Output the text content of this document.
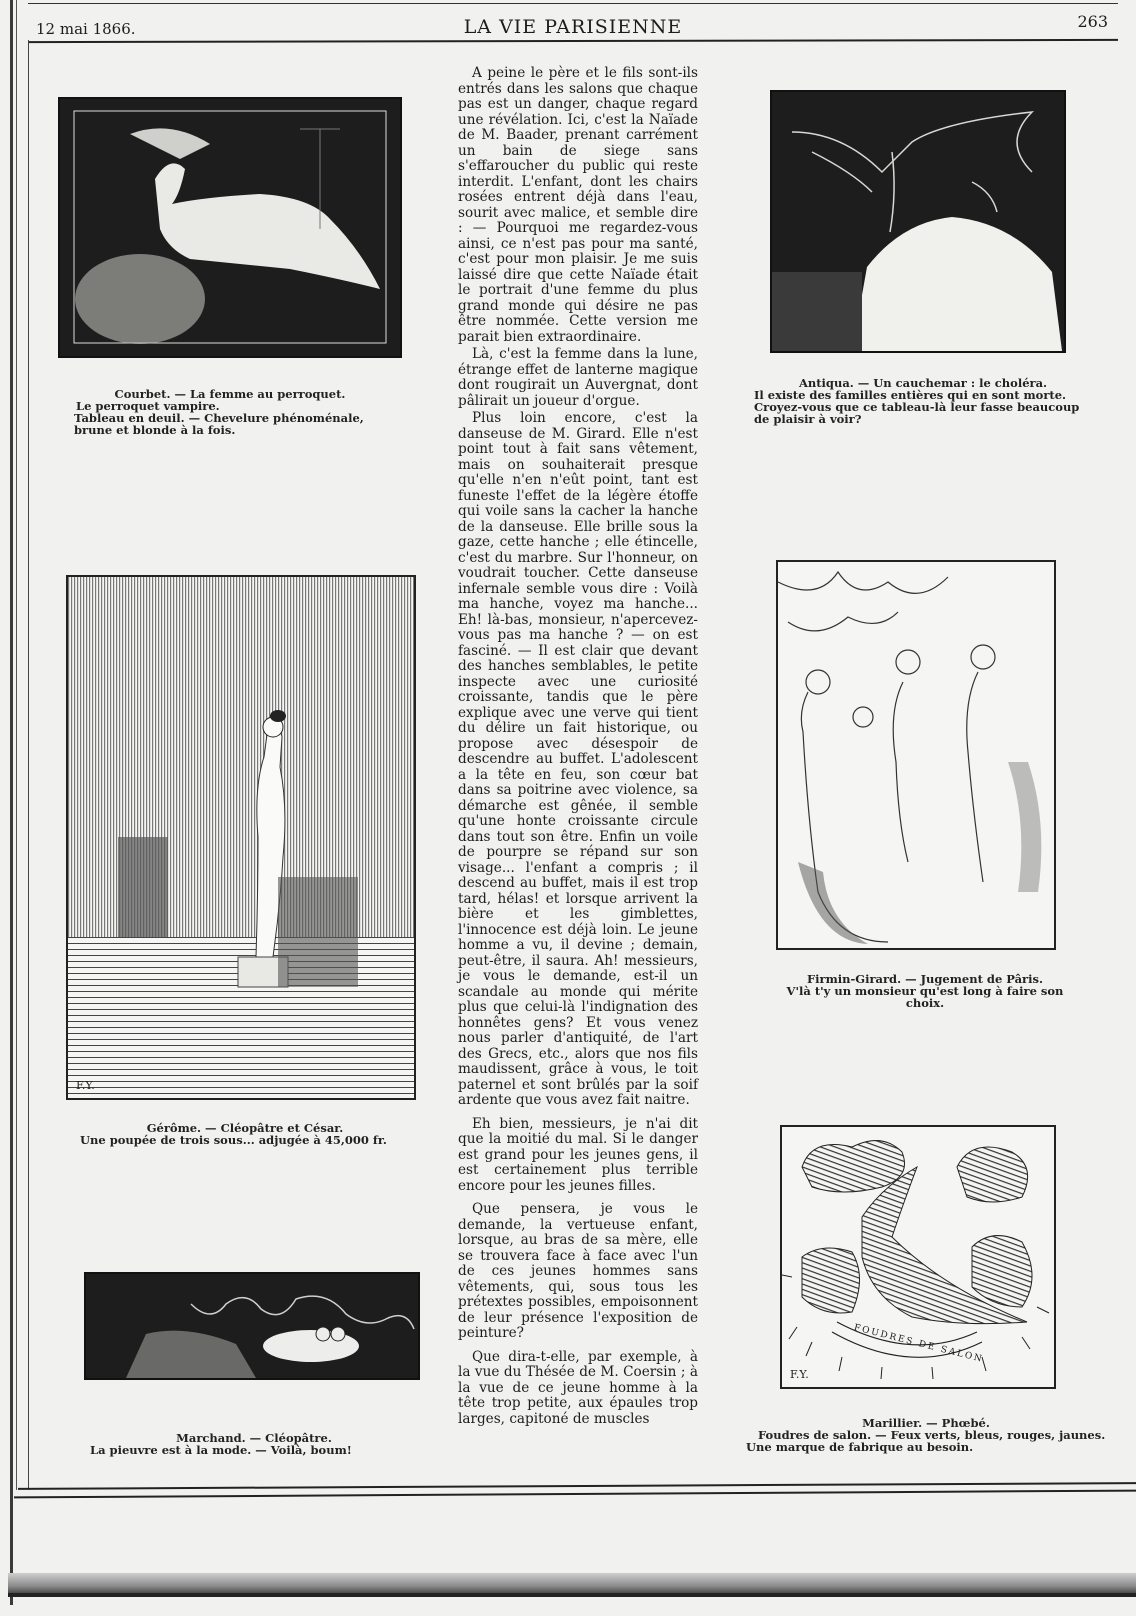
12 mai 1866.	LA VIE PARISIENNE	263
Courbet. — La femme au perroquet.
Le perroquet vampire.
Tableau en deuil. — Chevelure phénoménale, brune et blonde à la fois.
Antiqua. — Un cauchemar : le choléra.
Il existe des familles entières qui en sont morte.
Croyez-vous que ce tableau-là leur fasse beaucoup de plaisir à voir?
F.Y.
Gérôme. — Cléopâtre et César.
Une poupée de trois sous... adjugée à 45,000 fr.
Firmin-Girard. — Jugement de Pâris.
V'là t'y un monsieur qu'est long à faire son choix.
Marchand. — Cléopâtre.
La pieuvre est à la mode. — Voilà, boum!
FOUDRES DE SALON
F.Y.
Marillier. — Phœbé.
Foudres de salon. — Feux verts, bleus, rouges, jaunes.
Une marque de fabrique au besoin.

A peine le père et le fils sont-ils entrés dans les salons que chaque pas est un danger, chaque regard une révélation. Ici, c'est la Naïade de M. Baader, prenant carrément un bain de siege sans s'effaroucher du public qui reste interdit. L'enfant, dont les chairs rosées entrent déjà dans l'eau, sourit avec malice, et semble dire : — Pourquoi me regardez-vous ainsi, ce n'est pas pour ma santé, c'est pour mon plaisir. Je me suis laissé dire que cette Naïade était le portrait d'une femme du plus grand monde qui désire ne pas être nommée. Cette version me parait bien extraordinaire.

Là, c'est la femme dans la lune, étrange effet de lanterne magique dont rougirait un Auvergnat, dont pâlirait un joueur d'orgue.

Plus loin encore, c'est la danseuse de M. Girard. Elle n'est point tout à fait sans vêtement, mais on souhaiterait presque qu'elle n'en n'eût point, tant est funeste l'effet de la légère étoffe qui voile sans la cacher la hanche de la danseuse. Elle brille sous la gaze, cette hanche ; elle étincelle, c'est du marbre. Sur l'honneur, on voudrait toucher. Cette danseuse infernale semble vous dire : Voilà ma hanche, voyez ma hanche... Eh! là-bas, monsieur, n'apercevez-vous pas ma hanche ? — on est fasciné. — Il est clair que devant des hanches semblables, le petite inspecte avec une curiosité croissante, tandis que le père explique avec une verve qui tient du délire un fait historique, ou propose avec désespoir de descendre au buffet. L'adolescent a la tête en feu, son cœur bat dans sa poitrine avec violence, sa démarche est gênée, il semble qu'une honte croissante circule dans tout son être. Enfin un voile de pourpre se répand sur son visage... l'enfant a compris ; il descend au buffet, mais il est trop tard, hélas! et lorsque arrivent la bière et les gimblettes, l'innocence est déjà loin. Le jeune homme a vu, il devine ; demain, peut-être, il saura. Ah! messieurs, je vous le demande, est-il un scandale au monde qui mérite plus que celui-là l'indignation des honnêtes gens? Et vous venez nous parler d'antiquité, de l'art des Grecs, etc., alors que nos fils maudissent, grâce à vous, le toit paternel et sont brûlés par la soif ardente que vous avez fait naitre.

Eh bien, messieurs, je n'ai dit que la moitié du mal. Si le danger est grand pour les jeunes gens, il est certainement plus terrible encore pour les jeunes filles.

Que pensera, je vous le demande, la vertueuse enfant, lorsque, au bras de sa mère, elle se trouvera face à face avec l'un de ces jeunes hommes sans vêtements, qui, sous tous les prétextes possibles, empoisonnent de leur présence l'exposition de peinture?

Que dira-t-elle, par exemple, à la vue du Thésée de M. Coersin ; à la vue de ce jeune homme à la tête trop petite, aux épaules trop larges, capitoné de muscles
